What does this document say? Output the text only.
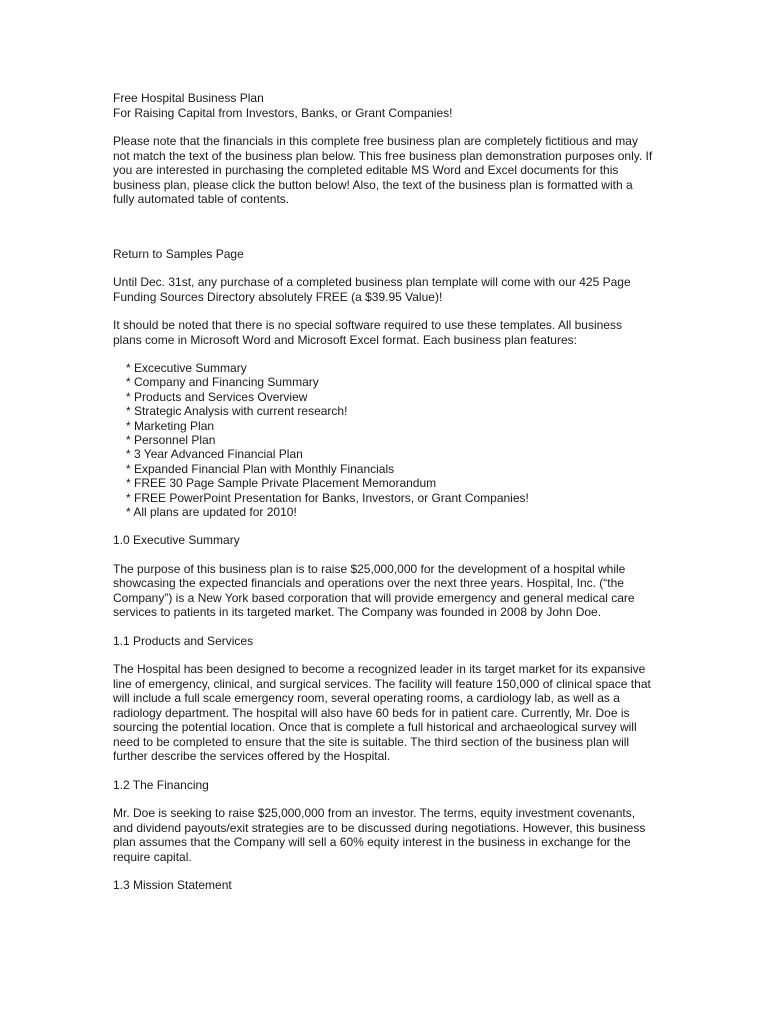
Free Hospital Business Plan

For Raising Capital from Investors, Banks, or Grant Companies!

Please note that the financials in this complete free business plan are completely fictitious and may not match the text of the business plan below. This free business plan demonstration purposes only. If you are interested in purchasing the completed editable MS Word and Excel documents for this business plan, please click the button below! Also, the text of the business plan is formatted with a fully automated table of contents.

Return to Samples Page

Until Dec. 31st, any purchase of a completed business plan template will come with our 425 Page Funding Sources Directory absolutely FREE (a $39.95 Value)!

It should be noted that there is no special software required to use these templates. All business plans come in Microsoft Word and Microsoft Excel format. Each business plan features:

* Excecutive Summary
* Company and Financing Summary
* Products and Services Overview
* Strategic Analysis with current research!
* Marketing Plan
* Personnel Plan
* 3 Year Advanced Financial Plan
* Expanded Financial Plan with Monthly Financials
* FREE 30 Page Sample Private Placement Memorandum
* FREE PowerPoint Presentation for Banks, Investors, or Grant Companies!
* All plans are updated for 2010!

1.0 Executive Summary

The purpose of this business plan is to raise $25,000,000 for the development of a hospital while showcasing the expected financials and operations over the next three years. Hospital, Inc. (“the Company”) is a New York based corporation that will provide emergency and general medical care services to patients in its targeted market. The Company was founded in 2008 by John Doe.

1.1 Products and Services

The Hospital has been designed to become a recognized leader in its target market for its expansive line of emergency, clinical, and surgical services. The facility will feature 150,000 of clinical space that will include a full scale emergency room, several operating rooms, a cardiology lab, as well as a radiology department. The hospital will also have 60 beds for in patient care. Currently, Mr. Doe is sourcing the potential location. Once that is complete a full historical and archaeological survey will need to be completed to ensure that the site is suitable. The third section of the business plan will further describe the services offered by the Hospital.

1.2 The Financing

Mr. Doe is seeking to raise $25,000,000 from an investor. The terms, equity investment covenants, and dividend payouts/exit strategies are to be discussed during negotiations. However, this business plan assumes that the Company will sell a 60% equity interest in the business in exchange for the require capital.

1.3 Mission Statement
